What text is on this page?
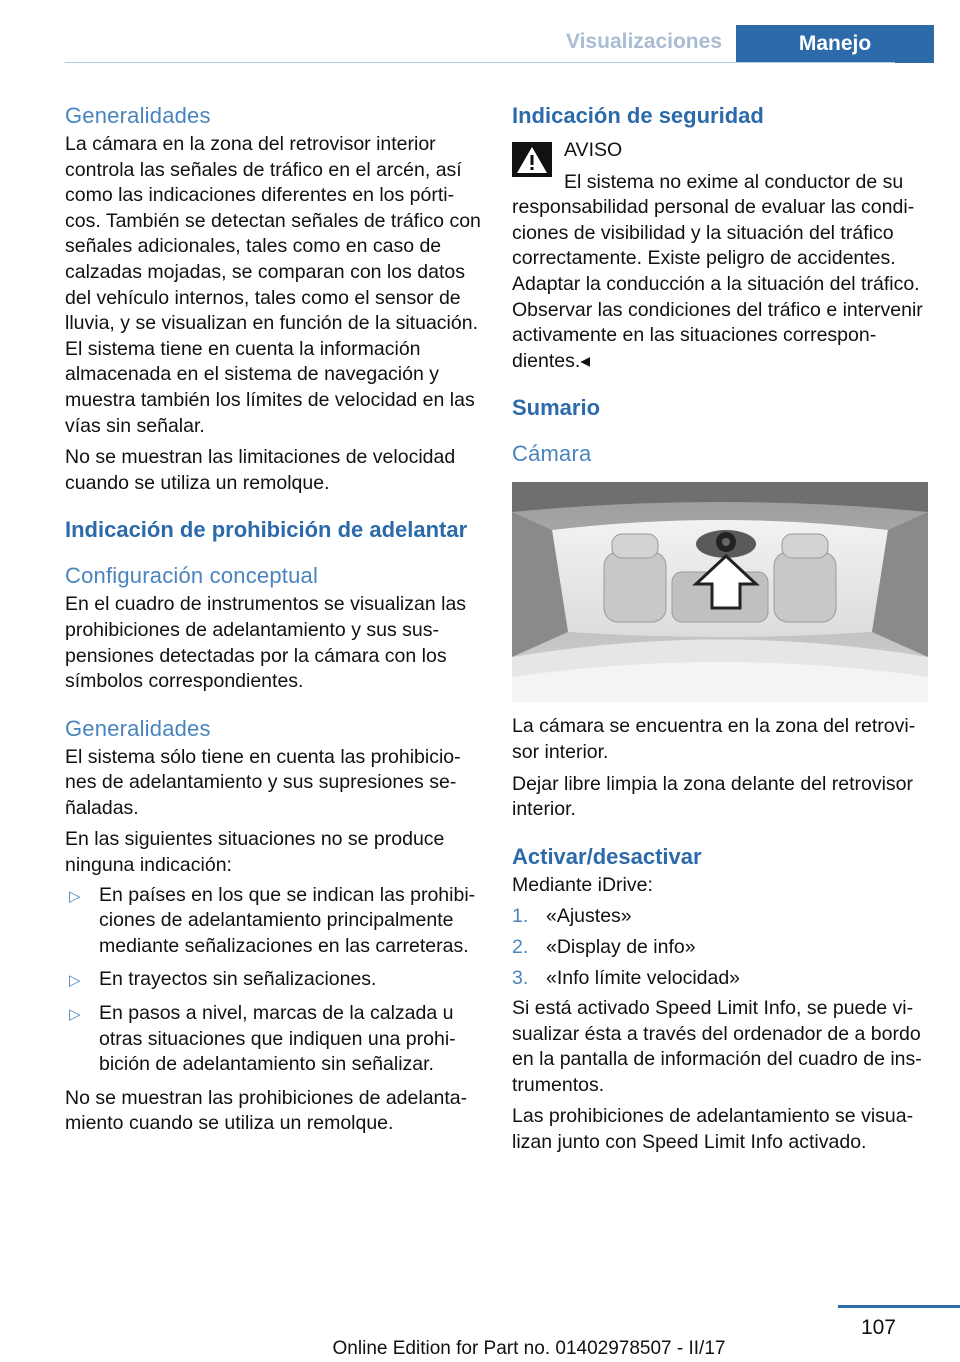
Visualizaciones	Manejo
Generalidades
La cámara en la zona del retrovisor interior controla las señales de tráfico en el arcén, así como las indicaciones diferentes en los pórticos. También se detectan señales de tráfico con señales adicionales, tales como en caso de calzadas mojadas, se comparan con los datos del vehículo internos, tales como el sensor de lluvia, y se visualizan en función de la situación. El sistema tiene en cuenta la información almacenada en el sistema de navegación y muestra también los límites de velocidad en las vías sin señalar.
No se muestran las limitaciones de velocidad cuando se utiliza un remolque.
Indicación de prohibición de adelantar
Configuración conceptual
En el cuadro de instrumentos se visualizan las prohibiciones de adelantamiento y sus suspensiones detectadas por la cámara con los símbolos correspondientes.
Generalidades
El sistema sólo tiene en cuenta las prohibiciones de adelantamiento y sus supresiones señaladas.
En las siguientes situaciones no se produce ninguna indicación:
▷ En países en los que se indican las prohibiciones de adelantamiento principalmente mediante señalizaciones en las carreteras.
▷ En trayectos sin señalizaciones.
▷ En pasos a nivel, marcas de la calzada u otras situaciones que indiquen una prohibición de adelantamiento sin señalizar.
No se muestran las prohibiciones de adelantamiento cuando se utiliza un remolque.
Indicación de seguridad
AVISO
El sistema no exime al conductor de su
responsabilidad personal de evaluar las condiciones de visibilidad y la situación del tráfico correctamente. Existe peligro de accidentes. Adaptar la conducción a la situación del tráfico. Observar las condiciones del tráfico e intervenir activamente en las situaciones correspondientes.◂
Sumario
Cámara
La cámara se encuentra en la zona del retrovisor interior.
Dejar libre limpia la zona delante del retrovisor interior.
Activar/desactivar
Mediante iDrive:
1. «Ajustes»
2. «Display de info»
3. «Info límite velocidad»
Si está activado Speed Limit Info, se puede visualizar ésta a través del ordenador de a bordo en la pantalla de información del cuadro de instrumentos.
Las prohibiciones de adelantamiento se visualizan junto con Speed Limit Info activado.
107
Online Edition for Part no. 01402978507 - II/17
